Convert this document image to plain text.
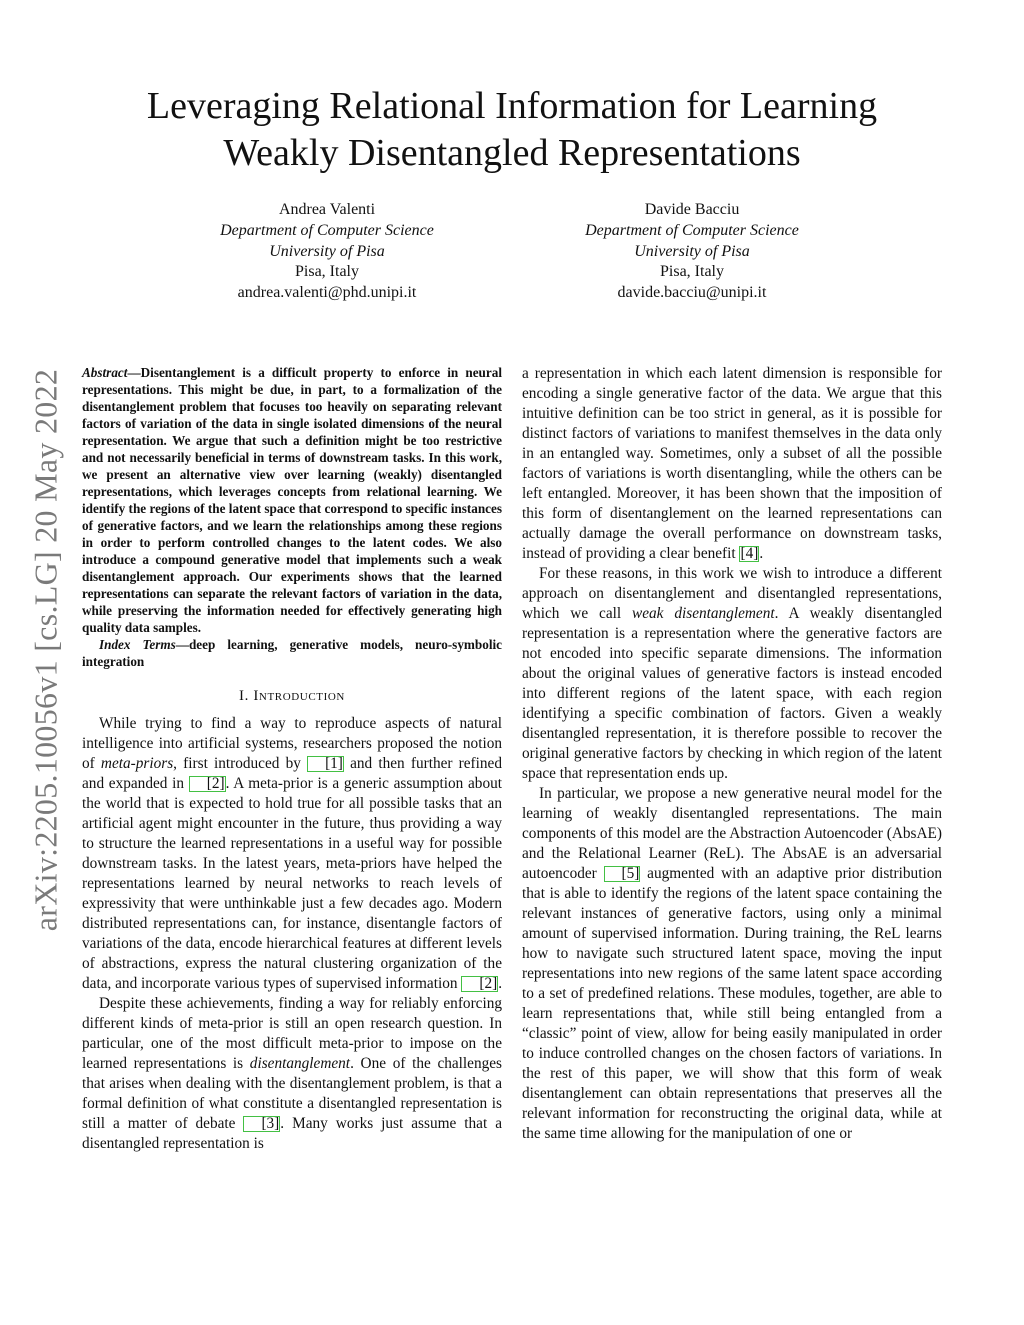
Leveraging Relational Information for Learning
Weakly Disentangled Representations
Andrea Valenti
Department of Computer Science
University of Pisa
Pisa, Italy
andrea.valenti@phd.unipi.it
Davide Bacciu
Department of Computer Science
University of Pisa
Pisa, Italy
davide.bacciu@unipi.it
arXiv:2205.10056v1 [cs.LG] 20 May 2022 Abstract—Disentanglement is a difficult property to enforce in neural representations. This might be due, in part, to a formalization of the disentanglement problem that focuses too heavily on separating relevant factors of variation of the data in single isolated dimensions of the neural representation. We argue that such a definition might be too restrictive and not necessarily beneficial in terms of downstream tasks. In this work, we present an alternative view over learning (weakly) disentangled representations, which leverages concepts from relational learning. We identify the regions of the latent space that correspond to specific instances of generative factors, and we learn the relationships among these regions in order to perform controlled changes to the latent codes. We also introduce a compound generative model that implements such a weak disentanglement approach. Our experiments shows that the learned representations can separate the relevant factors of variation in the data, while preserving the information needed for effectively generating high quality data samples.

Index Terms—deep learning, generative models, neuro-symbolic integration

I. Introduction

While trying to find a way to reproduce aspects of natural intelligence into artificial systems, researchers proposed the notion of meta-priors, first introduced by [1] and then further refined and expanded in [2]. A meta-prior is a generic assumption about the world that is expected to hold true for all possible tasks that an artificial agent might encounter in the future, thus providing a way to structure the learned representations in a useful way for possible downstream tasks. In the latest years, meta-priors have helped the representations learned by neural networks to reach levels of expressivity that were unthinkable just a few decades ago. Modern distributed representations can, for instance, disentangle factors of variations of the data, encode hierarchical features at different levels of abstractions, express the natural clustering organization of the data, and incorporate various types of supervised information [2].

Despite these achievements, finding a way for reliably enforcing different kinds of meta-prior is still an open research question. In particular, one of the most difficult meta-prior to impose on the learned representations is disentanglement. One of the challenges that arises when dealing with the disentanglement problem, is that a formal definition of what constitute a disentangled representation is still a matter of debate [3]. Many works just assume that a disentangled representation is

a representation in which each latent dimension is responsible for encoding a single generative factor of the data. We argue that this intuitive definition can be too strict in general, as it is possible for distinct factors of variations to manifest themselves in the data only in an entangled way. Sometimes, only a subset of all the possible factors of variations is worth disentangling, while the others can be left entangled. Moreover, it has been shown that the imposition of this form of disentanglement on the learned representations can actually damage the overall performance on downstream tasks, instead of providing a clear benefit [4].

For these reasons, in this work we wish to introduce a different approach on disentanglement and disentangled representations, which we call weak disentanglement. A weakly disentangled representation is a representation where the generative factors are not encoded into specific separate dimensions. The information about the original values of generative factors is instead encoded into different regions of the latent space, with each region identifying a specific combination of factors. Given a weakly disentangled representation, it is therefore possible to recover the original generative factors by checking in which region of the latent space that representation ends up.

In particular, we propose a new generative neural model for the learning of weakly disentangled representations. The main components of this model are the Abstraction Autoencoder (AbsAE) and the Relational Learner (ReL). The AbsAE is an adversarial autoencoder [5] augmented with an adaptive prior distribution that is able to identify the regions of the latent space containing the relevant instances of generative factors, using only a minimal amount of supervised information. During training, the ReL learns how to navigate such structured latent space, moving the input representations into new regions of the same latent space according to a set of predefined relations. These modules, together, are able to learn representations that, while still being entangled from a “classic” point of view, allow for being easily manipulated in order to induce controlled changes on the chosen factors of variations. In the rest of this paper, we will show that this form of weak disentanglement can obtain representations that preserves all the relevant information for reconstructing the original data, while at the same time allowing for the manipulation of one or
